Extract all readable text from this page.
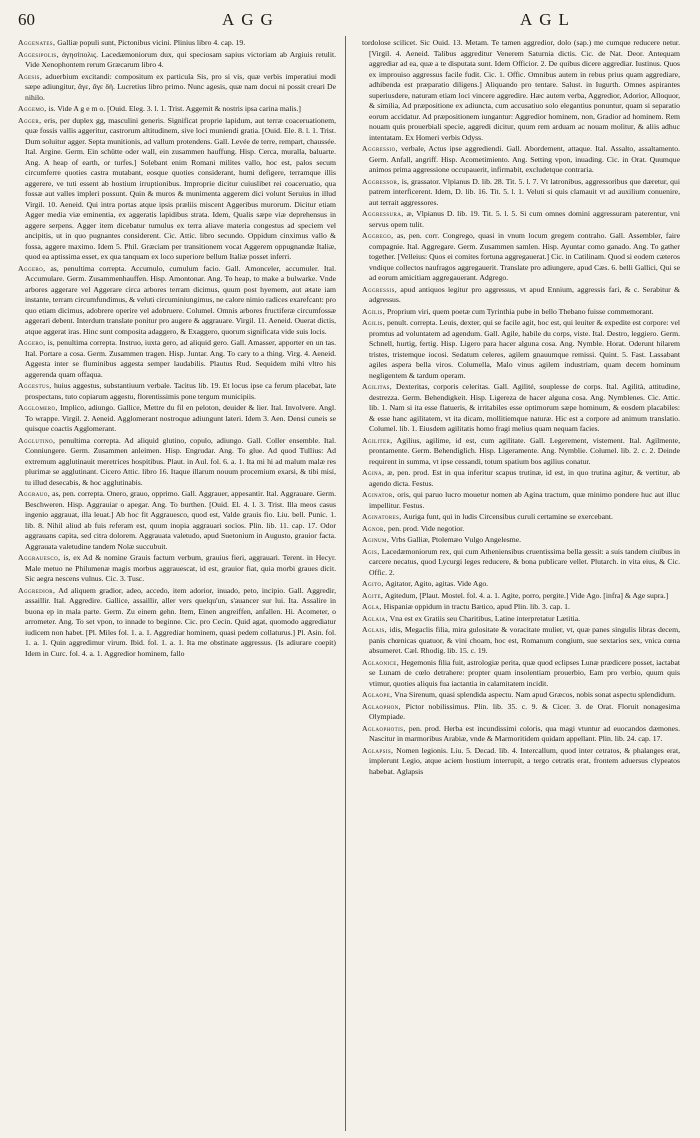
60	AGG	AGL

Aggenates, Galliæ populi sunt, Pictonibus vicini. Plinius libro 4. cap. 19.

Aggesipolis, ἀγησίπολις. Lacedæmoniorum dux, qui speciosam sapius victoriam ab Argiuis retulit. Vide Xenophontem rerum Græcarum libro 4.

Agesis, aduerbium excitandi: compositum ex particula Sis, pro si vis, quæ verbis imperatiui modi sæpe adiungitur, ἄγε, ἄγε δή. Lucretius libro primo. Nunc agesis, quæ nam docui ni possit creari De nihilo.

Aggemo, is. Vide A g e m o. [Ouid. Eleg. 3. l. 1. Trist. Aggemit & nostris ipsa carina malis.]

Agger, eris, per duplex gg, masculini generis. Significat proprie lapidum, aut terræ coaceruationem, quæ fossis vallis aggeritur, castrorum altitudinem, sive loci muniendi gratia. [Ouid. Ele. 8. l. 1. Trist. Dum soluitur agger. Septa munitionis, ad vallum protendens. Gall. Levée de terre, rempart, chaussée. Ital. Argine. Germ. Ein schütte oder wall, ein zusammen hauffung. Hisp. Cerca, muralla, baluarte. Ang. A heap of earth, or turfes.] Solebant enim Romani milites vallo, hoc est, palos secum circumferre quoties castra mutabant, eosque quoties considerant, humi defigere, terramque illis aggerere, ve tuti essent ab hostium irruptionibus. Improprie dicitur cuiuslibet rei coaceruatio, qua fossæ aut valles impleri possunt. Quin & muros & munimenta aggerem dici volunt Seruius in illud Virgil. 10. Aeneid. Qui intra portas atque ipsis præliis miscent Aggeribus murorum. Dicitur etiam Agger media viæ eminentia, ex aggeratis lapidibus strata. Idem, Qualis sæpe viæ deprehensus in aggere serpens. Agger item dicebatur tumulus ex terra aliave materia congestus ad speciem vel ancipitis, ut in quo pugnantes considerent. Cic. Attic. libro secundo. Oppidum cinximus vallo & fossa, aggere maximo. Idem 5. Phil. Græciam per transitionem vocat Aggerem oppugnandæ Italiæ, quod ea aptissima esset, ex qua tanquam ex loco superiore bellum Italiæ posset inferri.

Aggero, as, penultima correpta. Accumulo, cumulum facio. Gall. Amonceler, accumuler. Ital. Accumulare. Germ. Zusammenhauffen. Hisp. Amontonar. Ang. To heap, to make a bulwarke. Vnde arbores aggerare vel Aggerare circa arbores terram dicimus, quum post hyemem, aut ætate iam instante, terram circumfundimus, & veluti circuminiungimus, ne calore nimio radices exarefcant: pro quo etiam dicimus, adobrere operire vel adobruere. Columel. Omnis arbores fructiferæ circumfossæ aggerari debent. Interdum translate ponitur pro augere & aggrauare. Virgil. 11. Aeneid. Ouerat dictis, atque aggerat iras. Hinc sunt composita adaggero, & Exaggero, quorum significata vide suis locis.

Aggero, is, penultima correpta. Instruo, iuxta gero, ad aliquid gero. Gall. Amasser, apporter en un tas. Ital. Portare a cosa. Germ. Zusammen tragen. Hisp. Juntar. Ang. To cary to a thing. Virg. 4. Aeneid. Aggesta inter se fluminibus aggesta semper laudabilis. Plautus Rud. Sequidem mihi vltro his aggerenda quam offaqua.

Aggestus, huius aggestus, substantiuum verbale. Tacitus lib. 19. Et locus ipse ca ferum placebat, late prospectans, tuto copiarum aggestu, florentissimis pone tergum municipiis.

Agglomero, Implico, adiungo. Gallice, Mettre du fil en peloton, deuider & lier. Ital. Involvere. Angl. To wrappe. Virgil. 2. Aeneid. Agglomerant nostroque adiungunt lateri. Idem 3. Aen. Densi cuneis se quisque coactis Agglomerant.

Agglutino, penultima correpta. Ad aliquid glutino, copulo, adiungo. Gall. Coller ensemble. Ital. Conniungere. Germ. Zusammen anleimen. Hisp. Engrudar. Ang. To glue. Ad quod Tullius: Ad extremum agglutinauit meretrices hospitibus. Plaut. in Aul. fol. 6. a. 1. Ita mi hi ad malum malæ res plurimæ se agglutinant. Cicero Attic. libro 16. Itaque illarum nouum procemium exarsi, & tibi misi, tu illud desecabis, & hoc agglutinabis.

Aggrauo, as, pen. correpta. Onero, grauo, opprimo. Gall. Aggrauer, appesantir. Ital. Aggrauare. Germ. Beschweren. Hisp. Aggrauiar o apegar. Ang. To burthen. [Ouid. El. 4. l. 3. Trist. Illa meos casus ingenio aggrauat, illa leuat.] Ab hoc fit Aggrauesco, quod est, Valde grauis fio. Liu. bell. Punic. 1. lib. 8. Nihil aliud ab fuis referam est, quum inopia aggrauari socios. Plin. lib. 11. cap. 17. Odor aggrauans capita, sed citra dolorem. Aggrauata valetudo, apud Suetonium in Augusto, grauior facta. Aggrauata valetudine tandem Nolæ succubuit.

Aggrauesco, is, ex Ad & nomine Grauis factum verbum, grauius fieri, aggrauari. Terent. in Hecyr. Male metuo ne Philumenæ magis morbus aggrauescat, id est, grauior fiat, quia morbi graues dicit. Sic aegra nescens vulnus. Cic. 3. Tusc.

Aggredior, Ad aliquem gradior, adeo, accedo, item adorior, inuado, peto, incipio. Gall. Aggredir, assaillir. Ital. Aggredire. Gallice, assaillir, aller vers quelqu'un, s'auancer sur lui. Ita. Assalire in buona ep in mala parte. Germ. Zu einem gehn. Item, Einen angreiffen, anfallen. Hi. Acometer, o arrometer. Ang. To set vpon, to innade to beginne. Cic. pro Cecin. Quid agat, quomodo aggrediatur iudicem non habet. [Pl. Miles fol. 1. a. 1. Aggrediar hominem, quasi pedem collaturus.] Pl. Asin. fol. 1. a. 1. Quin aggredimur virum. Ibid. fol. 1. a. 1. Ita me obstinate aggressus. (Is adiurare coepit) Idem in Curc. fol. 4. a. 1. Aggredior hominem, fallo

tordolose scilicet. Sic Ouid. 13. Metam. Te tamen aggredior, dolo (sap.) me cumque reducere netur. [Virgil. 4. Aeneid. Talibus aggreditur Venerem Saturnia dictis. Cic. de Nat. Deor. Antequam aggrediar ad ea, quæ a te disputata sunt. Idem Officior. 2. De quibus dicere aggrediar. Iustinus. Quos ex improuiso aggressus facile fudit. Cic. 1. Offic. Omnibus autem in rebus prius quam aggrediare, adhibenda est præparatio diligens.] Aliquando pro tentare. Salust. in Iugurth. Omnes aspirantes superiusdere, naturam etiam loci vincere aggredire. Hæc autem verba, Aggredior, Adorior, Alloquor, & similia, Ad præpositione ex adiuncta, cum accusatiuo solo elegantius ponuntur, quam si separatio eorum accidatur. Ad præpositionem iungantur: Aggredior hominem, non, Gradior ad hominem. Rem nouam quis prouerbiali specie, aggredi dicitur, quum rem arduam ac nouam molitur, & aliis adhuc intentatam. Ex Homeri verbis Odyss.

Aggressio, verbale, Actus ipse aggrediendi. Gall. Abordement, attaque. Ital. Assalto, assaltamento. Germ. Anfall, angriff. Hisp. Acometimiento. Ang. Setting vpon, inuading. Cic. in Orat. Quumque animos prima aggressione occupauerit, infirmabit, excludetque contraria.

Aggressor, is, grassator. Vlpianus D. lib. 28. Tit. 5. l. 7. Vt latronibus, aggressoribus que dæretur, qui patrem interficerent. Idem, D. lib. 16. Tit. 5. l. 1. Veluti si quis clamauit vt ad auxilium conuenire, aut terrait aggressores.

Aggressura, æ, Vlpianus D. lib. 19. Tit. 5. l. 5. Si cum omnes domini aggressuram paterentur, vni servus opem tulit.

Aggrego, as, pen. corr. Congrego, quasi in vnum locum gregem contraho. Gall. Assembler, faire compagnie. Ital. Aggregare. Germ. Zusammen samlen. Hisp. Ayuntar como ganado. Ang. To gather together. [Velleius: Quos ei comites fortuna aggregauerat.] Cic. in Catilinam. Quod si eodem cæteros vndique collectos naufragos aggregauerit. Translate pro adiungere, apud Cæs. 6. belli Gallici, Qui se ad eorum amicitiam aggregauerant. Adgrego.

Aggressis, apud antiquos legitur pro aggressus, vt apud Ennium, aggressis fari, & c. Serabitur & adgressus.

Agilis, Proprium viri, quem poetæ cum Tyrinthia pube in bello Thebano fuisse commemorant.

Agilis, penult. correpta. Leuis, dexter, qui se facile agit, hoc est, qui leuiter & expedite est corpore: vel promtus ad voluntatem ad agendum. Gall. Agile, habile du corps, viste. Ital. Destro, leggiero. Germ. Schnell, hurtig, fertig. Hisp. Ligero para hacer alguna cosa. Ang. Nymble. Horat. Oderunt hilarem tristes, tristemque iocosi. Sedatum celeres, agilem gnauumque remissi. Quint. 5. Fast. Lassabant agiles aspera bella viros. Columella, Malo vinus agilem industriam, quam decem hominum negligentem & tardum operam.

Agilitas, Dexteritas, corporis celeritas. Gall. Agilité, souplesse de corps. Ital. Agilità, attitudine, destrezza. Germ. Behendigkeit. Hisp. Ligereza de hacer alguna cosa. Ang. Nymblenes. Cic. Attic. lib. 1. Nam si ita esse flatueris, & irritabiles esse optimorum sæpe hominum, & eosdem placabiles: & esse hanc agilitatem, vt ita dicam, mollitiemque naturæ. Hic est a corpore ad animum translatio. Columel. lib. 1. Eiusdem agilitatis homo fragi melius quam nequam facies.

Agiliter, Agilius, agilime, id est, cum agilitate. Gall. Legerement, vistement. Ital. Agilmente, prontamente. Germ. Behendiglich. Hisp. Ligeramente. Ang. Nymblie. Columel. lib. 2. c. 2. Deinde requirent in summa, vt ipse cessandi, totum spatium bos agilius conatur.

Agina, æ, pen. prod. Est in qua inferitur scapus trutinæ, id est, in quo trutina agitur, & vertitur, ab agendo dicta. Festus.

Aginator, oris, qui paruo lucro mouetur nomen ab Agina tractum, quæ minimo pondere huc aut illuc impellitur. Festus.

Aginatores, Auriga funt, qui in ludis Circensibus curuli certamine se exercebant.

Agnor, pen. prod. Vide negotior.

Aginum, Vrbs Galliæ, Ptolemæo Vulgo Angelesme.

Agis, Lacedæmoniorum rex, qui cum Atheniensibus cruentissima bella gessit: a suis tandem ciuibus in carcere necatus, quod Lycurgi leges reducere, & bona publicare vellet. Plutarch. in vita eius, & Cic. Offic. 2.

Agito, Agitator, Agito, agitas. Vide Ago.

Agite, Agitedum, [Plaut. Mostel. fol. 4. a. 1. Agite, porro, pergite.] Vide Ago. [infra] & Age supra.]

Agla, Hispaniæ oppidum in tractu Bætico, apud Plin. lib. 3. cap. 1.

Aglaia, Vna est ex Gratiis seu Charitibus, Latine interpretatur Lætitia.

Aglais, idis, Megaclis filia, mira gulositate & voracitate mulier, vt, quæ panes singulis libras decem, panis chœnicas quatuor, & vini choam, hoc est, Romanum congium, sue sextarios sex, vnica cœna absumeret. Cæl. Rhodig. lib. 15. c. 19.

Aglaonice, Hegemonis filia fuit, astrologiæ perita, quæ quod eclipses Lunæ prædicere posset, iactabat se Lunam de cœlo detrahere: propter quam insolentiam prouerbio, Eam pro verbio, quum quis vtimur, quoties aliquis fua iactantia in calamitatem incidit.

Aglaope, Vna Sirenum, quasi splendida aspectu. Nam apud Græcos, nobis sonat aspectu splendidum.

Aglaophon, Pictor nobilissimus. Plin. lib. 35. c. 9. & Cicer. 3. de Orat. Floruit nonagesima Olympiade.

Aglaophotis, pen. prod. Herba est incundissimi coloris, qua magi vtuntur ad euocandos dæmones. Nascitur in marmoribus Arabiæ, vnde & Marmoritidem quidam appellant. Plin. lib. 24. cap. 17.

Aglapsis, Nomen legionis. Liu. 5. Decad. lib. 4. Intercallum, quod inter cetratos, & phalanges erat, implerunt Legio, atque aciem hostium interrupit, a tergo cetratis erat, frontem aduersus clypeatos habebat. Aglapsis
